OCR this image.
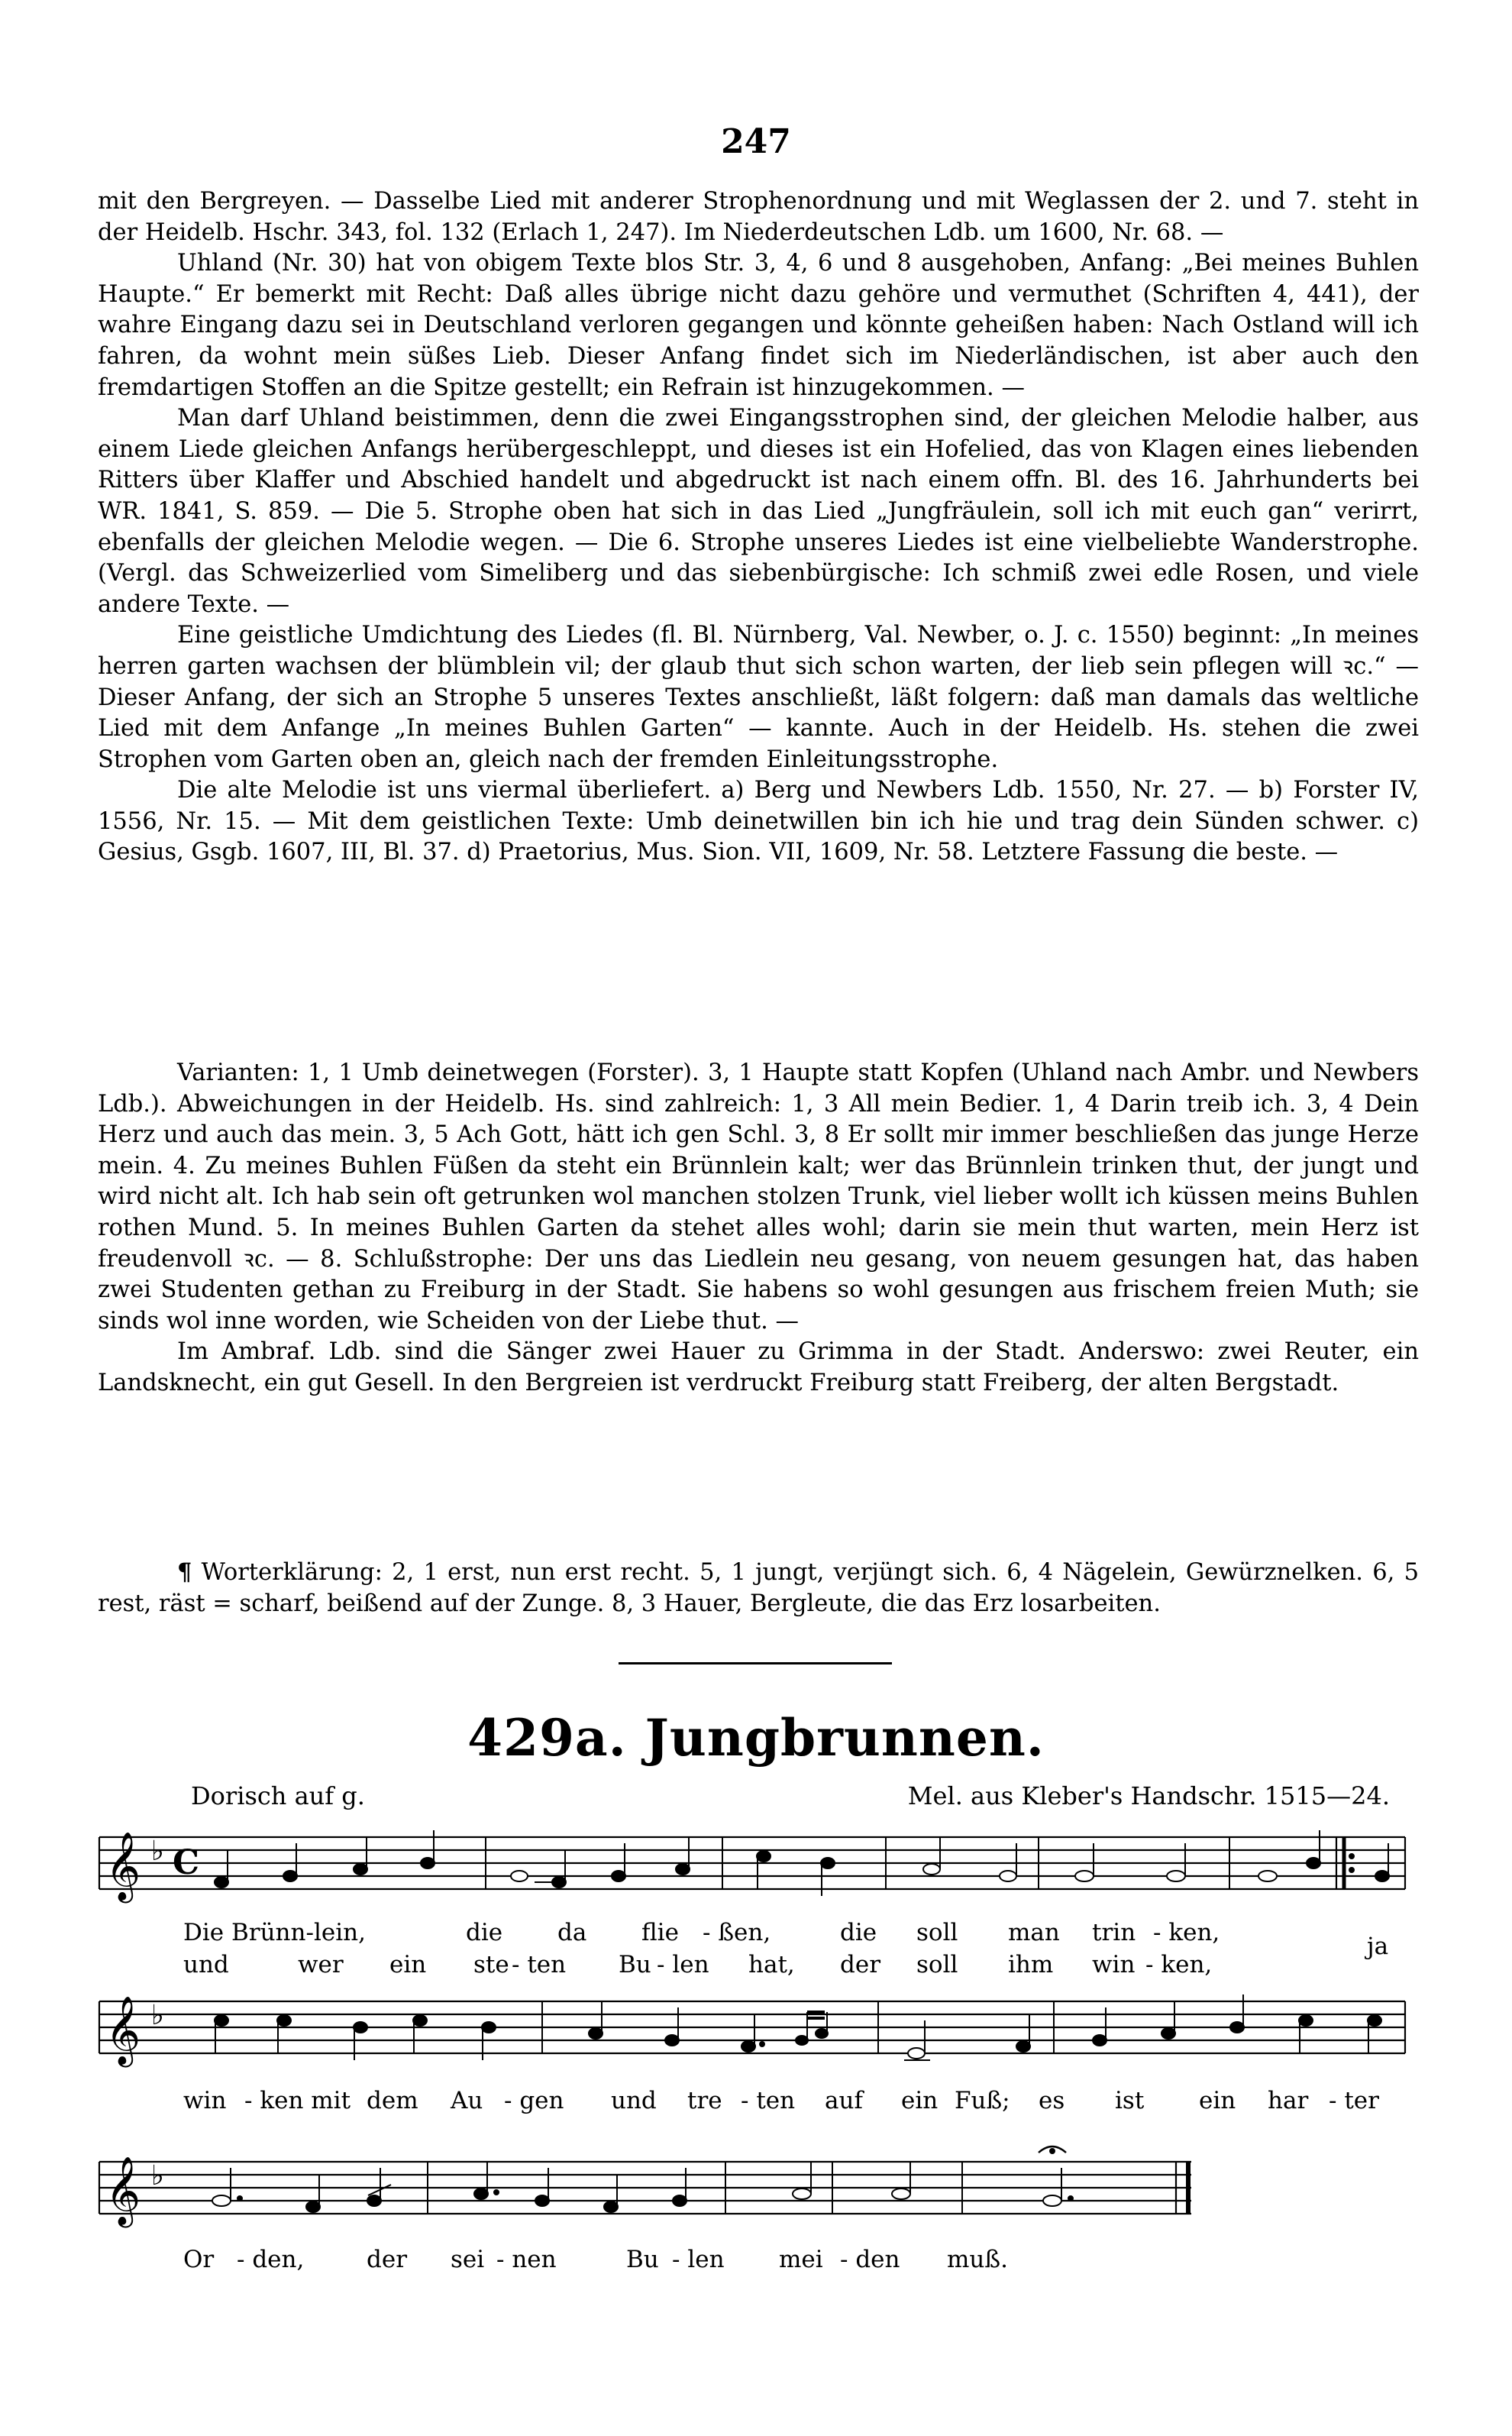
247

mit den Bergreyen. — Dasselbe Lied mit anderer Strophenordnung und mit Weglassen der 2. und 7. steht in der Heidelb. Hschr. 343, fol. 132 (Erlach 1, 247). Im Niederdeutschen Ldb. um 1600, Nr. 68. —

Uhland (Nr. 30) hat von obigem Texte blos Str. 3, 4, 6 und 8 ausgehoben, Anfang: „Bei meines Buhlen Haupte.“ Er bemerkt mit Recht: Daß alles übrige nicht dazu gehöre und vermuthet (Schriften 4, 441), der wahre Eingang dazu sei in Deutschland verloren gegangen und könnte geheißen haben: Nach Ostland will ich fahren, da wohnt mein süßes Lieb. Dieser Anfang findet sich im Niederländischen, ist aber auch den fremdartigen Stoffen an die Spitze gestellt; ein Refrain ist hinzugekommen. —

Man darf Uhland beistimmen, denn die zwei Eingangsstrophen sind, der gleichen Melodie halber, aus einem Liede gleichen Anfangs herübergeschleppt, und dieses ist ein Hofelied, das von Klagen eines liebenden Ritters über Klaffer und Abschied handelt und abgedruckt ist nach einem offn. Bl. des 16. Jahrhunderts bei WR. 1841, S. 859. — Die 5. Strophe oben hat sich in das Lied „Jungfräulein, soll ich mit euch gan“ verirrt, ebenfalls der gleichen Melodie wegen. — Die 6. Strophe unseres Liedes ist eine vielbeliebte Wanderstrophe. (Vergl. das Schweizerlied vom Simeliberg und das siebenbürgische: Ich schmiß zwei edle Rosen, und viele andere Texte. —

Eine geistliche Umdichtung des Liedes (fl. Bl. Nürnberg, Val. Newber, o. J. c. 1550) beginnt: „In meines herren garten wachsen der blümblein vil; der glaub thut sich schon warten, der lieb sein pflegen will ꝛc.“ — Dieser Anfang, der sich an Strophe 5 unseres Textes anschließt, läßt folgern: daß man damals das weltliche Lied mit dem Anfange „In meines Buhlen Garten“ — kannte. Auch in der Heidelb. Hs. stehen die zwei Strophen vom Garten oben an, gleich nach der fremden Einleitungsstrophe.

Die alte Melodie ist uns viermal überliefert. a) Berg und Newbers Ldb. 1550, Nr. 27. — b) Forster IV, 1556, Nr. 15. — Mit dem geistlichen Texte: Umb deinetwillen bin ich hie und trag dein Sünden schwer. c) Gesius, Gsgb. 1607, III, Bl. 37. d) Praetorius, Mus. Sion. VII, 1609, Nr. 58. Letztere Fassung die beste. —

Varianten: 1, 1 Umb deinetwegen (Forster). 3, 1 Haupte statt Kopfen (Uhland nach Ambr. und Newbers Ldb.). Abweichungen in der Heidelb. Hs. sind zahlreich: 1, 3 All mein Bedier. 1, 4 Darin treib ich. 3, 4 Dein Herz und auch das mein. 3, 5 Ach Gott, hätt ich gen Schl. 3, 8 Er sollt mir immer beschließen das junge Herze mein. 4. Zu meines Buhlen Füßen da steht ein Brünnlein kalt; wer das Brünnlein trinken thut, der jungt und wird nicht alt. Ich hab sein oft getrunken wol manchen stolzen Trunk, viel lieber wollt ich küssen meins Buhlen rothen Mund. 5. In meines Buhlen Garten da stehet alles wohl; darin sie mein thut warten, mein Herz ist freudenvoll ꝛc. — 8. Schlußstrophe: Der uns das Liedlein neu gesang, von neuem gesungen hat, das haben zwei Studenten gethan zu Freiburg in der Stadt. Sie habens so wohl gesungen aus frischem freien Muth; sie sinds wol inne worden, wie Scheiden von der Liebe thut. —

Im Ambraf. Ldb. sind die Sänger zwei Hauer zu Grimma in der Stadt. Anderswo: zwei Reuter, ein Landsknecht, ein gut Gesell. In den Bergreien ist verdruckt Freiburg statt Freiberg, der alten Bergstadt.

¶ Worterklärung: 2, 1 erst, nun erst recht. 5, 1 jungt, verjüngt sich. 6, 4 Nägelein, Gewürznelken. 6, 5 rest, räst = scharf, beißend auf der Zunge. 8, 3 Hauer, Bergleute, die das Erz losarbeiten.

429a. Jungbrunnen.
Dorisch auf g.	Mel. aus Kleber's Handschr. 1515—24.
𝄞 ♭ C
Die Brünn-lein,	die da flie - ßen,	die soll man trin - ken,
und	wer ein ste - ten Bu - len hat, der soll ihm win - ken,
ja
𝄞 ♭
win - ken mit dem Au - gen und tre - ten auf ein Fuß; es ist ein har - ter
𝄞 ♭
Or - den,	der sei - nen	Bu - len mei - den muß.
